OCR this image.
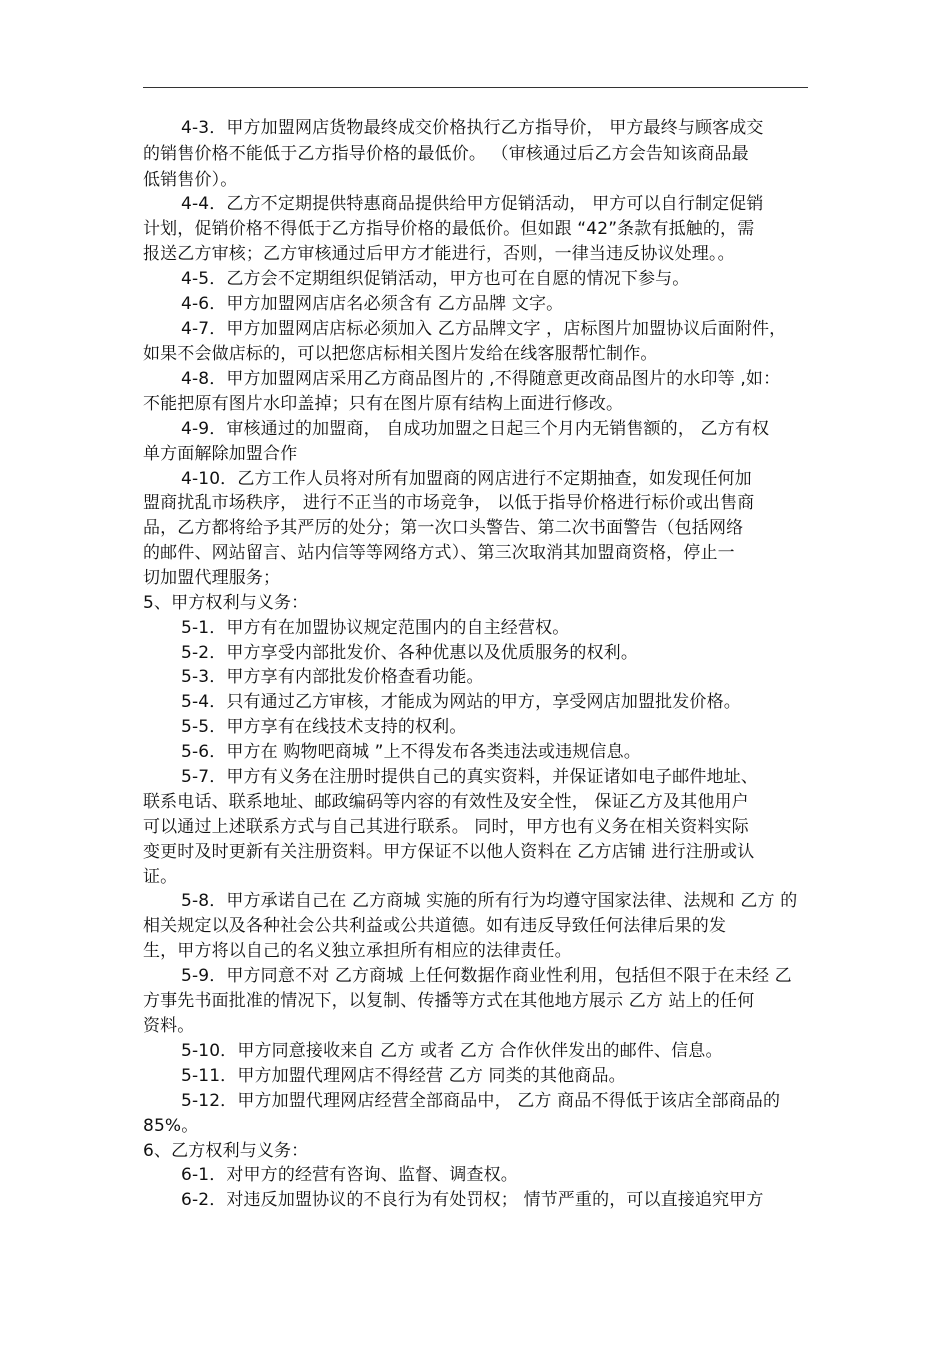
4-3．甲方加盟网店货物最终成交价格执行乙方指导价， 甲方最终与顾客成交
的销售价格不能低于乙方指导价格的最低价。 （审核通过后乙方会告知该商品最
低销售价）。
4-4．乙方不定期提供特惠商品提供给甲方促销活动， 甲方可以自行制定促销
计划，促销价格不得低于乙方指导价格的最低价。但如跟 “42”条款有抵触的，需
报送乙方审核；乙方审核通过后甲方才能进行，否则，一律当违反协议处理。。
4-5．乙方会不定期组织促销活动，甲方也可在自愿的情况下参与。
4-6．甲方加盟网店店名必须含有 乙方品牌 文字。
4-7．甲方加盟网店店标必须加入 乙方品牌文字 ，店标图片加盟协议后面附件，
如果不会做店标的，可以把您店标相关图片发给在线客服帮忙制作。
4-8．甲方加盟网店采用乙方商品图片的 ,不得随意更改商品图片的水印等 ,如：
不能把原有图片水印盖掉；只有在图片原有结构上面进行修改。
4-9．审核通过的加盟商， 自成功加盟之日起三个月内无销售额的， 乙方有权
单方面解除加盟合作
4-10．乙方工作人员将对所有加盟商的网店进行不定期抽查，如发现任何加
盟商扰乱市场秩序， 进行不正当的市场竞争， 以低于指导价格进行标价或出售商
品，乙方都将给予其严厉的处分；第一次口头警告、第二次书面警告（包括网络
的邮件、网站留言、站内信等等网络方式）、第三次取消其加盟商资格，停止一
切加盟代理服务；
5、甲方权利与义务：
5-1．甲方有在加盟协议规定范围内的自主经营权。
5-2．甲方享受内部批发价、各种优惠以及优质服务的权利。
5-3．甲方享有内部批发价格查看功能。
5-4．只有通过乙方审核，才能成为网站的甲方，享受网店加盟批发价格。
5-5．甲方享有在线技术支持的权利。
5-6．甲方在 购物吧商城 ”上不得发布各类违法或违规信息。
5-7．甲方有义务在注册时提供自己的真实资料，并保证诸如电子邮件地址、
联系电话、联系地址、邮政编码等内容的有效性及安全性， 保证乙方及其他用户
可以通过上述联系方式与自己其进行联系。 同时，甲方也有义务在相关资料实际
变更时及时更新有关注册资料。甲方保证不以他人资料在 乙方店铺 进行注册或认
证。
5-8．甲方承诺自己在 乙方商城 实施的所有行为均遵守国家法律、法规和 乙方 的
相关规定以及各种社会公共利益或公共道德。如有违反导致任何法律后果的发
生，甲方将以自己的名义独立承担所有相应的法律责任。
5-9．甲方同意不对 乙方商城 上任何数据作商业性利用，包括但不限于在未经 乙
方事先书面批准的情况下，以复制、传播等方式在其他地方展示 乙方 站上的任何
资料。
5-10．甲方同意接收来自 乙方 或者 乙方 合作伙伴发出的邮件、信息。
5-11．甲方加盟代理网店不得经营 乙方 同类的其他商品。
5-12．甲方加盟代理网店经营全部商品中， 乙方 商品不得低于该店全部商品的
85%。
6、乙方权利与义务：
6-1．对甲方的经营有咨询、监督、调查权。
6-2．对违反加盟协议的不良行为有处罚权； 情节严重的，可以直接追究甲方
